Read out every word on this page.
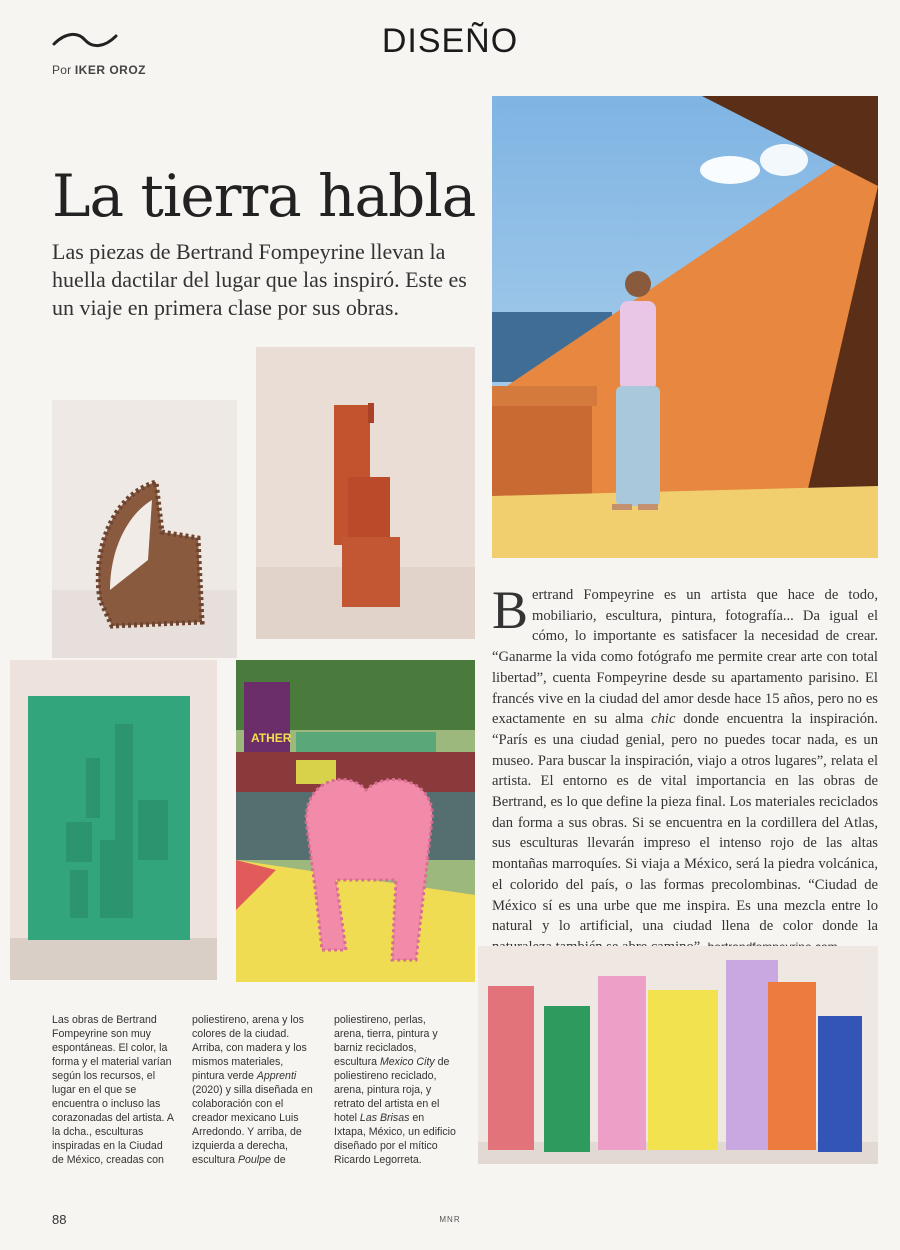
Por IKER OROZ
DISEÑO
La tierra habla
Las piezas de Bertrand Fompeyrine llevan la huella dactilar del lugar que las inspiró. Este es un viaje en primera clase por sus obras.
ATHER
Bertrand Fompeyrine es un artista que hace de todo, mobiliario, escultura, pintura, fotografía... Da igual el cómo, lo importante es satisfacer la necesidad de crear. “Ganarme la vida como fotógrafo me permite crear arte con total libertad”, cuenta Fompeyrine desde su apartamento parisino. El francés vive en la ciudad del amor desde hace 15 años, pero no es exactamente en su alma chic donde encuentra la inspiración. “París es una ciudad genial, pero no puedes tocar nada, es un museo. Para buscar la inspiración, viajo a otros lugares”, relata el artista. El entorno es de vital importancia en las obras de Bertrand, es lo que define la pieza final. Los materiales reciclados dan forma a sus obras. Si se encuentra en la cordillera del Atlas, sus esculturas llevarán impreso el intenso rojo de las altas montañas marroquíes. Si viaja a México, será la piedra volcánica, el colorido del país, o las formas precolombinas. “Ciudad de México sí es una urbe que me inspira. Es una mezcla entre lo natural y lo artificial, una ciudad llena de color donde la
Las obras de Bertrand Fompeyrine son muy espontáneas. El color, la forma y el material varían según los recursos, el lugar en el que se encuentra o incluso las corazonadas del artista. A la dcha., esculturas inspiradas en la Ciudad de México, creadas con
poliestireno, arena y los colores de la ciudad. Arriba, con madera y los mismos materiales, pintura verde Apprenti (2020) y silla diseñada en colaboración con el creador mexicano Luis Arredondo. Y arriba, de izquierda a derecha, escultura Poulpe de
poliestireno, perlas, arena, tierra, pintura y barniz reciclados, escultura Mexico City de poliestireno reciclado, arena, pintura roja, y retrato del artista en el hotel Las Brisas en Ixtapa, México, un edificio diseñado por el mítico Ricardo Legorreta.
88	MNR
